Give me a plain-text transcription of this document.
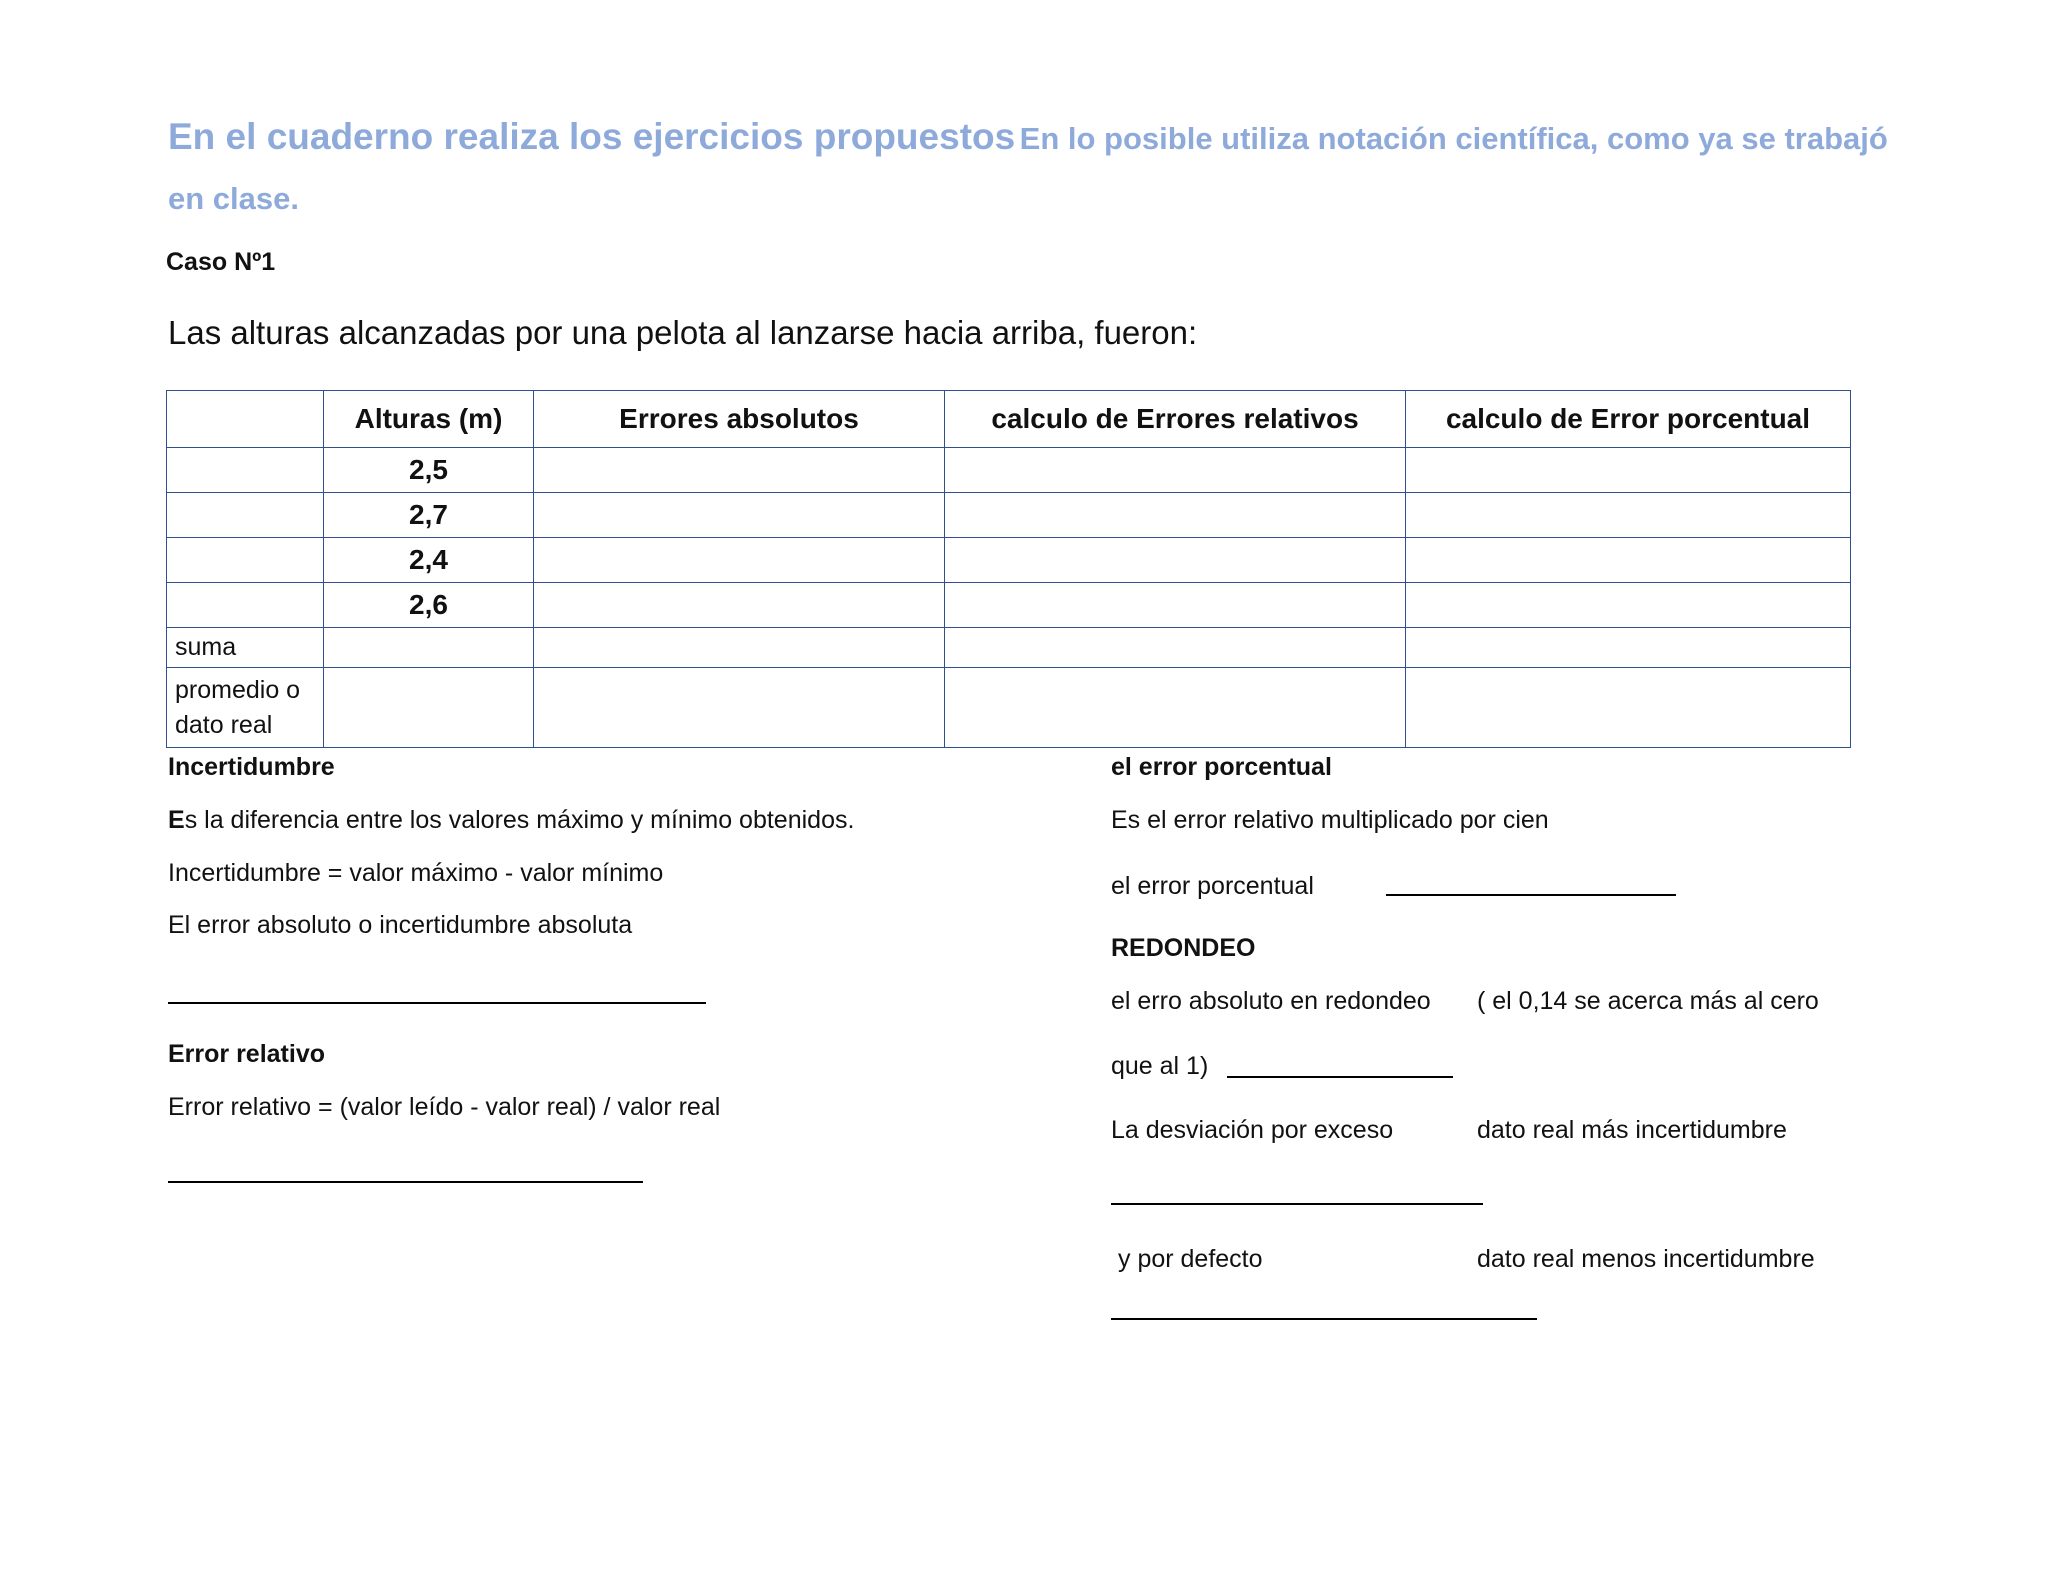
En el cuaderno realiza los ejercicios propuestos En lo posible utiliza notación científica, como ya se trabajó en clase.
Caso Nº1
Las alturas alcanzadas por una pelota al lanzarse hacia arriba, fueron:
	Alturas (m)	Errores absolutos	calculo de Errores relativos	calculo de Error porcentual
	2,5			
	2,7			
	2,4			
	2,6			
suma				
promedio o
dato real				
Incertidumbre
Es la diferencia entre los valores máximo y mínimo obtenidos.
Incertidumbre = valor máximo - valor mínimo
El error absoluto o incertidumbre absoluta
Error relativo
Error relativo = (valor leído - valor real) / valor real
el error porcentual
Es el error relativo multiplicado por cien
el error porcentual
REDONDEO
el erro absoluto en redondeo ( el 0,14 se acerca más al cero
que al 1)
La desviación por exceso	dato real más incertidumbre
y por defecto	dato real menos incertidumbre
